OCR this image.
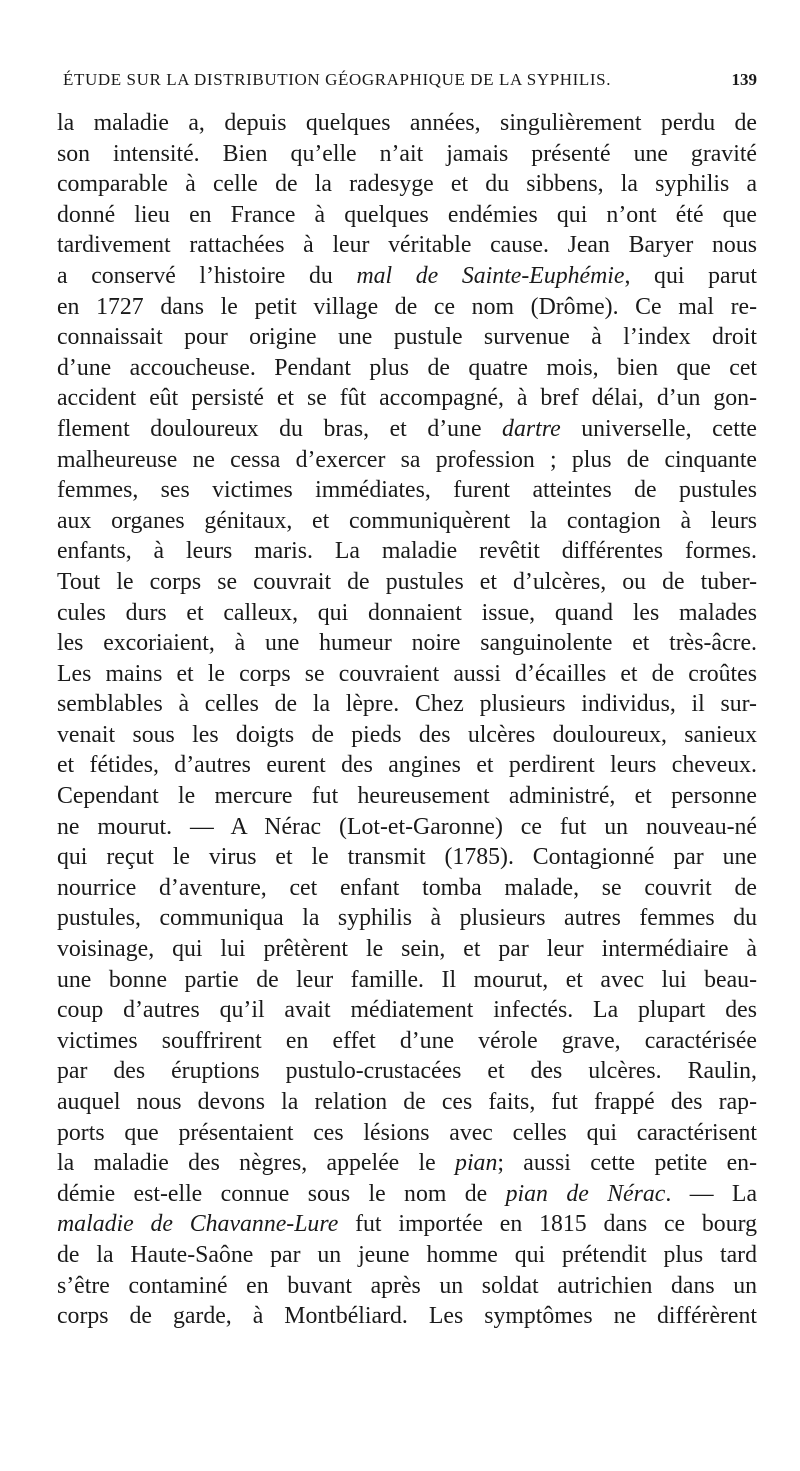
ÉTUDE SUR LA DISTRIBUTION GÉOGRAPHIQUE DE LA SYPHILIS.	139
la maladie a, depuis quelques années, singulièrement perdu de
son intensité. Bien qu’elle n’ait jamais présenté une gravité
comparable à celle de la radesyge et du sibbens, la syphilis a
donné lieu en France à quelques endémies qui n’ont été que
tardivement rattachées à leur véritable cause. Jean Baryer nous
a conservé l’histoire du mal de Sainte-Euphémie, qui parut
en 1727 dans le petit village de ce nom (Drôme). Ce mal re-
connaissait pour origine une pustule survenue à l’index droit
d’une accoucheuse. Pendant plus de quatre mois, bien que cet
accident eût persisté et se fût accompagné, à bref délai, d’un gon-
flement douloureux du bras, et d’une dartre universelle, cette
malheureuse ne cessa d’exercer sa profession ; plus de cinquante
femmes, ses victimes immédiates, furent atteintes de pustules
aux organes génitaux, et communiquèrent la contagion à leurs
enfants, à leurs maris. La maladie revêtit différentes formes.
Tout le corps se couvrait de pustules et d’ulcères, ou de tuber-
cules durs et calleux, qui donnaient issue, quand les malades
les excoriaient, à une humeur noire sanguinolente et très-âcre.
Les mains et le corps se couvraient aussi d’écailles et de croûtes
semblables à celles de la lèpre. Chez plusieurs individus, il sur-
venait sous les doigts de pieds des ulcères douloureux, sanieux
et fétides, d’autres eurent des angines et perdirent leurs cheveux.
Cependant le mercure fut heureusement administré, et personne
ne mourut. — A Nérac (Lot-et-Garonne) ce fut un nouveau-né
qui reçut le virus et le transmit (1785). Contagionné par une
nourrice d’aventure, cet enfant tomba malade, se couvrit de
pustules, communiqua la syphilis à plusieurs autres femmes du
voisinage, qui lui prêtèrent le sein, et par leur intermédiaire à
une bonne partie de leur famille. Il mourut, et avec lui beau-
coup d’autres qu’il avait médiatement infectés. La plupart des
victimes souffrirent en effet d’une vérole grave, caractérisée
par des éruptions pustulo-crustacées et des ulcères. Raulin,
auquel nous devons la relation de ces faits, fut frappé des rap-
ports que présentaient ces lésions avec celles qui caractérisent
la maladie des nègres, appelée le pian; aussi cette petite en-
démie est-elle connue sous le nom de pian de Nérac. — La
maladie de Chavanne-Lure fut importée en 1815 dans ce bourg
de la Haute-Saône par un jeune homme qui prétendit plus tard
s’être contaminé en buvant après un soldat autrichien dans un
corps de garde, à Montbéliard. Les symptômes ne différèrent
